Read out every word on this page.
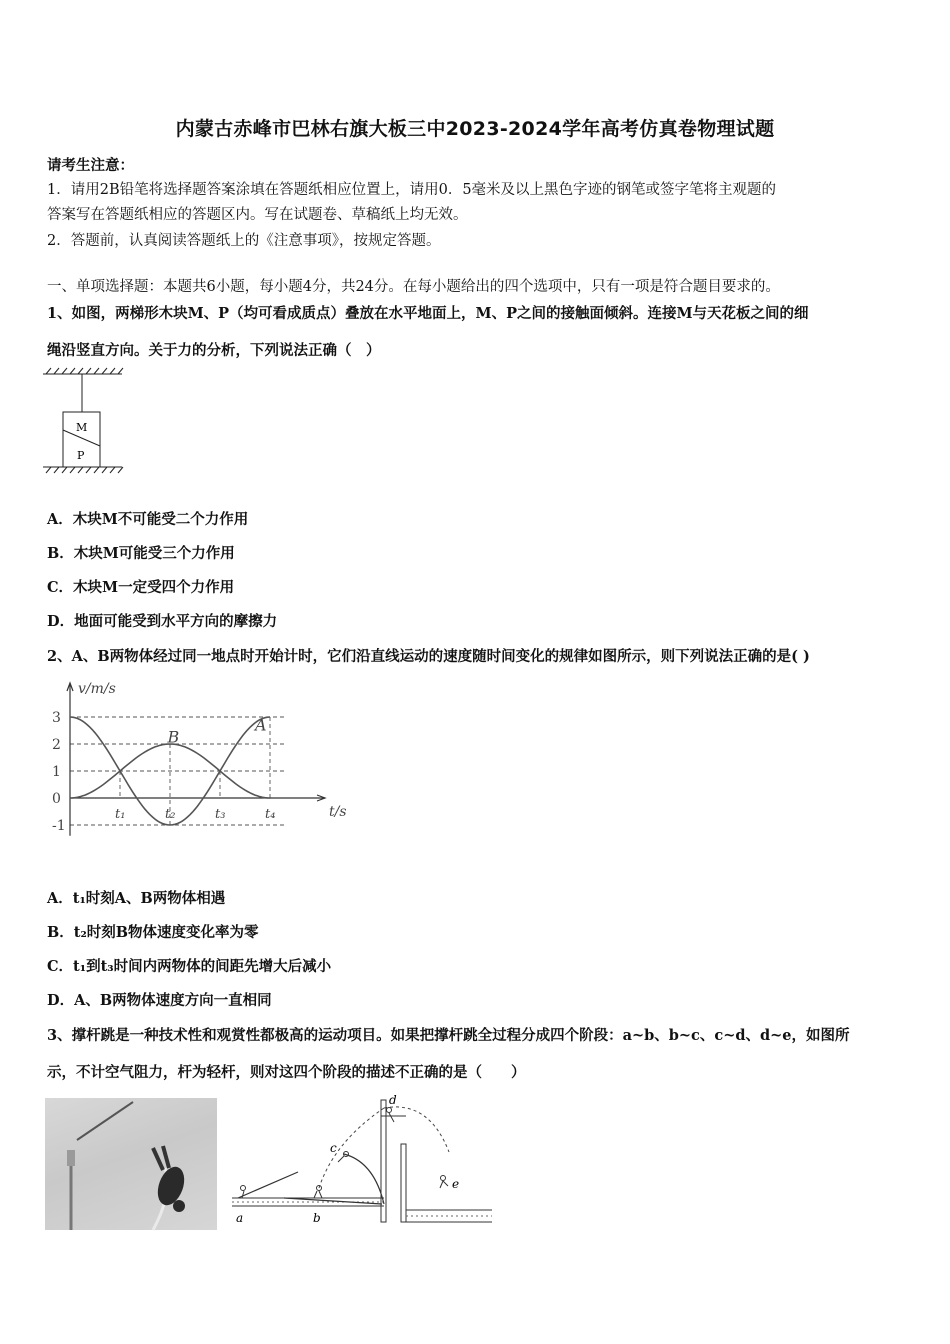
内蒙古赤峰市巴林右旗大板三中2023-2024学年高考仿真卷物理试题
请考生注意：
1．请用2B铅笔将选择题答案涂填在答题纸相应位置上，请用0．5毫米及以上黑色字迹的钢笔或签字笔将主观题的
答案写在答题纸相应的答题区内。写在试题卷、草稿纸上均无效。
2．答题前，认真阅读答题纸上的《注意事项》，按规定答题。
一、单项选择题：本题共6小题，每小题4分，共24分。在每小题给出的四个选项中，只有一项是符合题目要求的。
1、如图，两梯形木块M、P（均可看成质点）叠放在水平地面上，M、P之间的接触面倾斜。连接M与天花板之间的细
绳沿竖直方向。关于力的分析，下列说法正确（　）
M
P
A．木块M不可能受二个力作用
B．木块M可能受三个力作用
C．木块M一定受四个力作用
D．地面可能受到水平方向的摩擦力
2、A、B两物体经过同一地点时开始计时，它们沿直线运动的速度随时间变化的规律如图所示，则下列说法正确的是( )
v/m/s
t/s
3
2
1
0
-1
t₁	t₂	t₃	t₄
A
B
A．t₁时刻A、B两物体相遇
B．t₂时刻B物体速度变化率为零
C．t₁到t₃时间内两物体的间距先增大后减小
D．A、B两物体速度方向一直相同
3、撑杆跳是一种技术性和观赏性都极高的运动项目。如果把撑杆跳全过程分成四个阶段：a~b、b~c、c~d、d~e，如图所
示，不计空气阻力，杆为轻杆，则对这四个阶段的描述不正确的是（　　）
a	b
c
d
e
